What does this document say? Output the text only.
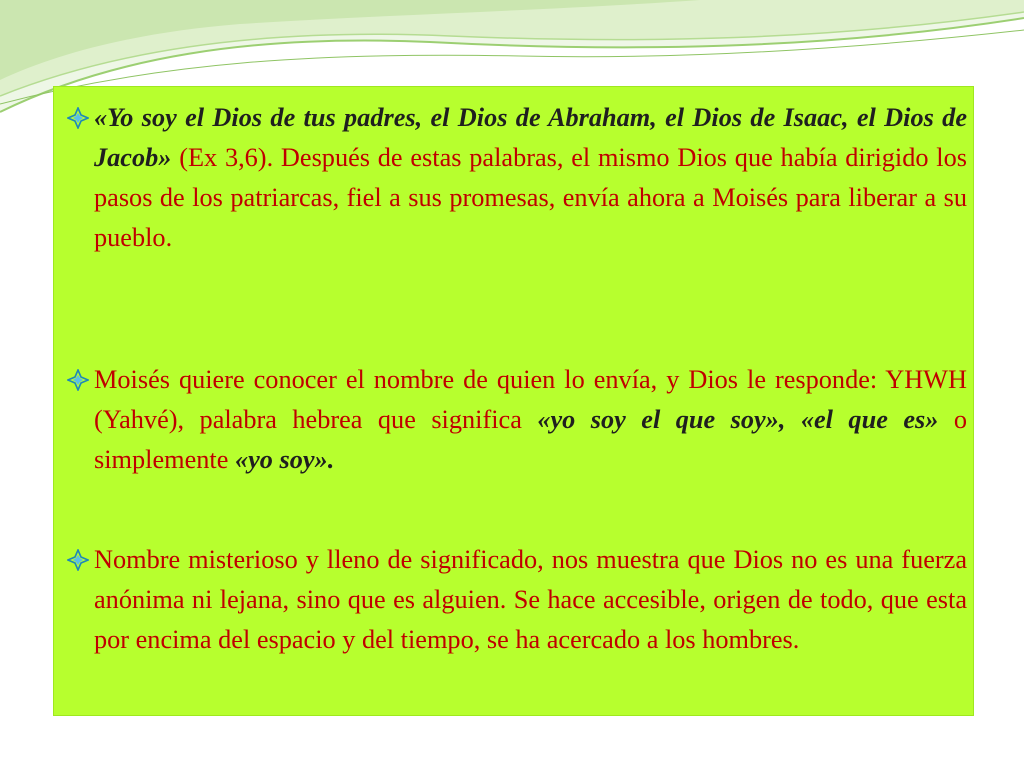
«Yo soy el Dios de tus padres, el Dios de Abraham, el Dios de Isaac, el Dios de Jacob» (Ex 3,6). Después de estas palabras, el mismo Dios que había dirigido los pasos de los patriarcas, fiel a sus promesas, envía ahora a Moisés para liberar a su pueblo.

Moisés quiere conocer el nombre de quien lo envía, y Dios le responde: YHWH (Yahvé), palabra hebrea que significa «yo soy el que soy», «el que es» o simplemente «yo soy».

Nombre misterioso y lleno de significado, nos muestra que Dios no es una fuerza anónima ni lejana, sino que es alguien. Se hace accesible, origen de todo, que esta por encima del espacio y del tiempo, se ha acercado a los hombres.
